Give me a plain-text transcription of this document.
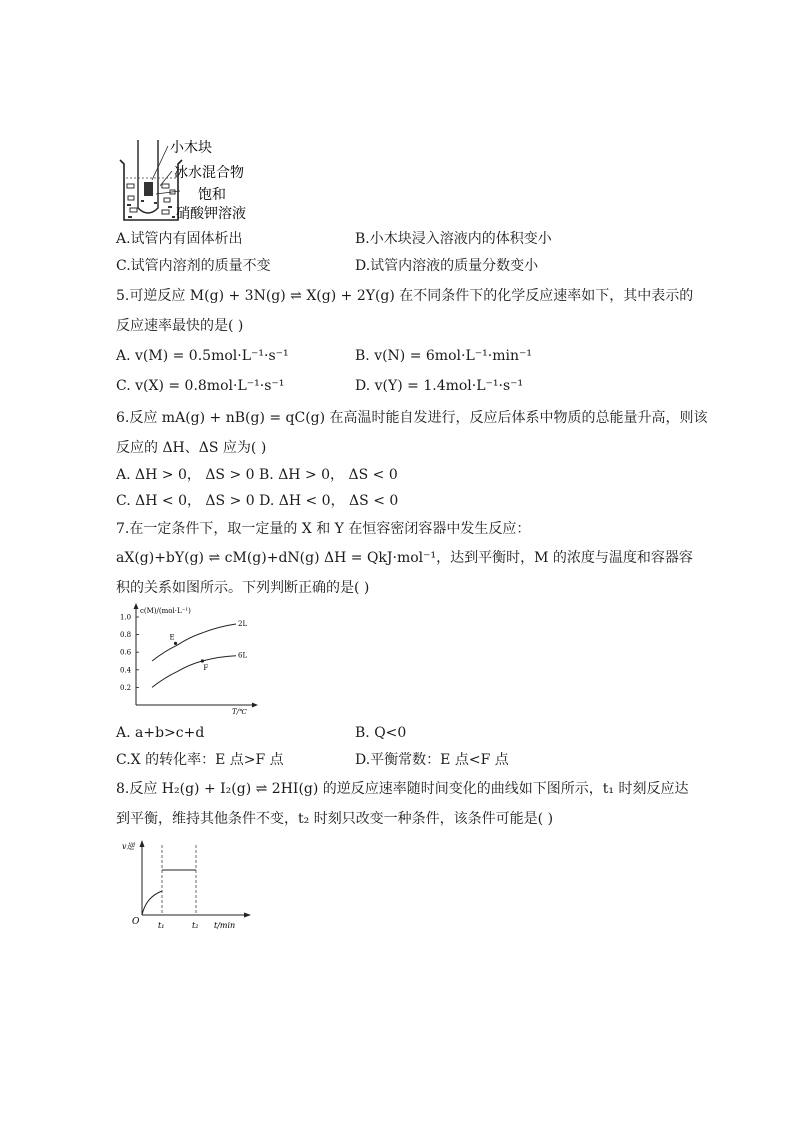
小木块
冰水混合物
饱和
硝酸钾溶液
A.试管内有固体析出	B.小木块浸入溶液内的体积变小
C.试管内溶剂的质量不变	D.试管内溶液的质量分数变小
5.可逆反应 M(g) + 3N(g) ⇌ X(g) + 2Y(g) 在不同条件下的化学反应速率如下，其中表示的
反应速率最快的是( )
A. v(M) = 0.5mol·L⁻¹·s⁻¹	B. v(N) = 6mol·L⁻¹·min⁻¹
C. v(X) = 0.8mol·L⁻¹·s⁻¹	D. v(Y) = 1.4mol·L⁻¹·s⁻¹
6.反应 mA(g) + nB(g) = qC(g) 在高温时能自发进行，反应后体系中物质的总能量升高，则该
反应的 ΔH、ΔS 应为( )
A. ΔH > 0， ΔS > 0 B. ΔH > 0， ΔS < 0
C. ΔH < 0， ΔS > 0 D. ΔH < 0， ΔS < 0
7.在一定条件下，取一定量的 X 和 Y 在恒容密闭容器中发生反应：
aX(g)+bY(g) ⇌ cM(g)+dN(g) ΔH = QkJ·mol⁻¹，达到平衡时，M 的浓度与温度和容器容
积的关系如图所示。下列判断正确的是( )
c(M)/(mol·L⁻¹)
T/℃
0.2
0.4
0.6
0.8
1.0
2L
6L
E
F
A. a+b>c+d	B. Q<0
C.X 的转化率：E 点>F 点	D.平衡常数：E 点<F 点
8.反应 H₂(g) + I₂(g) ⇌ 2HI(g) 的逆反应速率随时间变化的曲线如下图所示，t₁ 时刻反应达
到平衡，维持其他条件不变，t₂ 时刻只改变一种条件，该条件可能是( )
v逆
O t₁	t₂ t/min
